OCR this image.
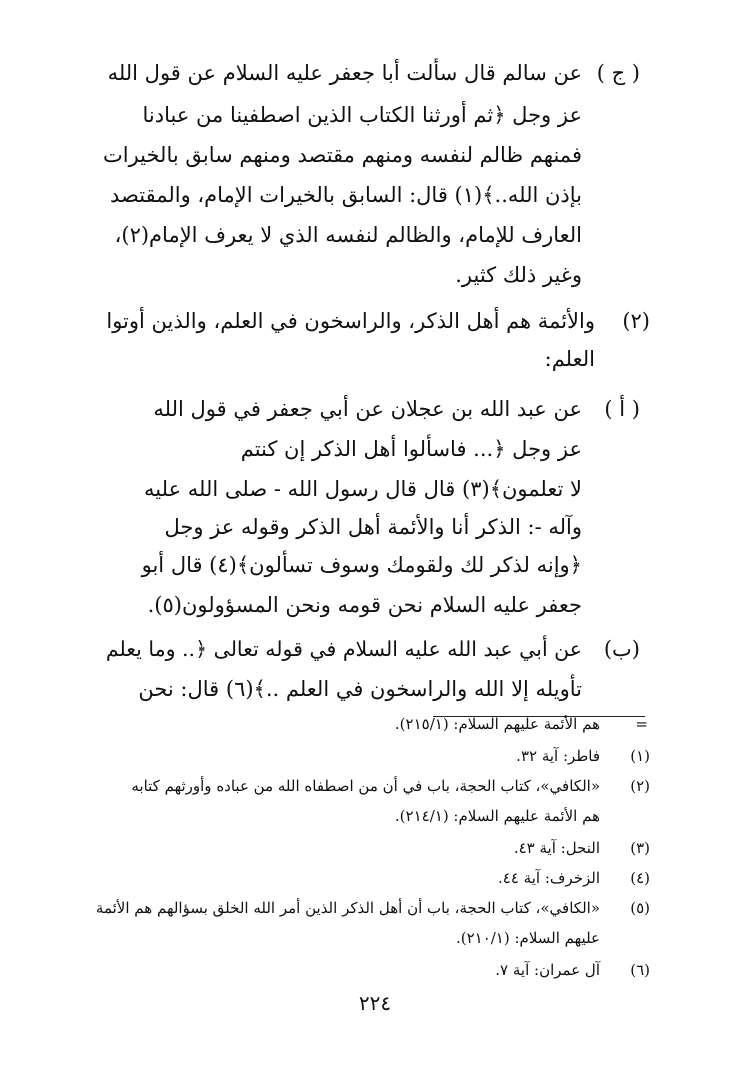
( ج )
(٢)
( أ )
(ب)
عن سالم قال سألت أبا جعفر عليه السلام عن قول الله
عز وجل ﴿ثم أورثنا الكتاب الذين اصطفينا من عبادنا
فمنهم ظالم لنفسه ومنهم مقتصد ومنهم سابق بالخيرات
بإذن الله..﴾(١) قال: السابق بالخيرات الإمام، والمقتصد
العارف للإمام، والظالم لنفسه الذي لا يعرف الإمام(٢)،
وغير ذلك كثير.
والأئمة هم أهل الذكر، والراسخون في العلم، والذين أوتوا
العلم:
عن عبد الله بن عجلان عن أبي جعفر في قول الله
عز وجل ﴿... فاسألوا أهل الذكر إن كنتم
لا تعلمون﴾(٣) قال قال رسول الله - صلى الله عليه
وآله -: الذكر أنا والأئمة أهل الذكر وقوله عز وجل
﴿وإنه لذكر لك ولقومك وسوف تسألون﴾(٤) قال أبو
جعفر عليه السلام نحن قومه ونحن المسؤولون(٥).
عن أبي عبد الله عليه السلام في قوله تعالى ﴿.. وما يعلم
تأويله إلا الله والراسخون في العلم ..﴾(٦) قال: نحن
=
هم الأئمة عليهم السلام: (٢١٥/١).
(١)
فاطر: آية ٣٢.
(٢)
«الكافي»، كتاب الحجة، باب في أن من اصطفاه الله من عباده وأورثهم كتابه
هم الأئمة عليهم السلام: (٢١٤/١).
(٣)
النحل: آية ٤٣.
(٤)
الزخرف: آية ٤٤.
(٥)
«الكافي»، كتاب الحجة، باب أن أهل الذكر الذين أمر الله الخلق بسؤالهم هم الأئمة
عليهم السلام: (٢١٠/١).
(٦)
آل عمران: آية ٧.
٢٢٤
